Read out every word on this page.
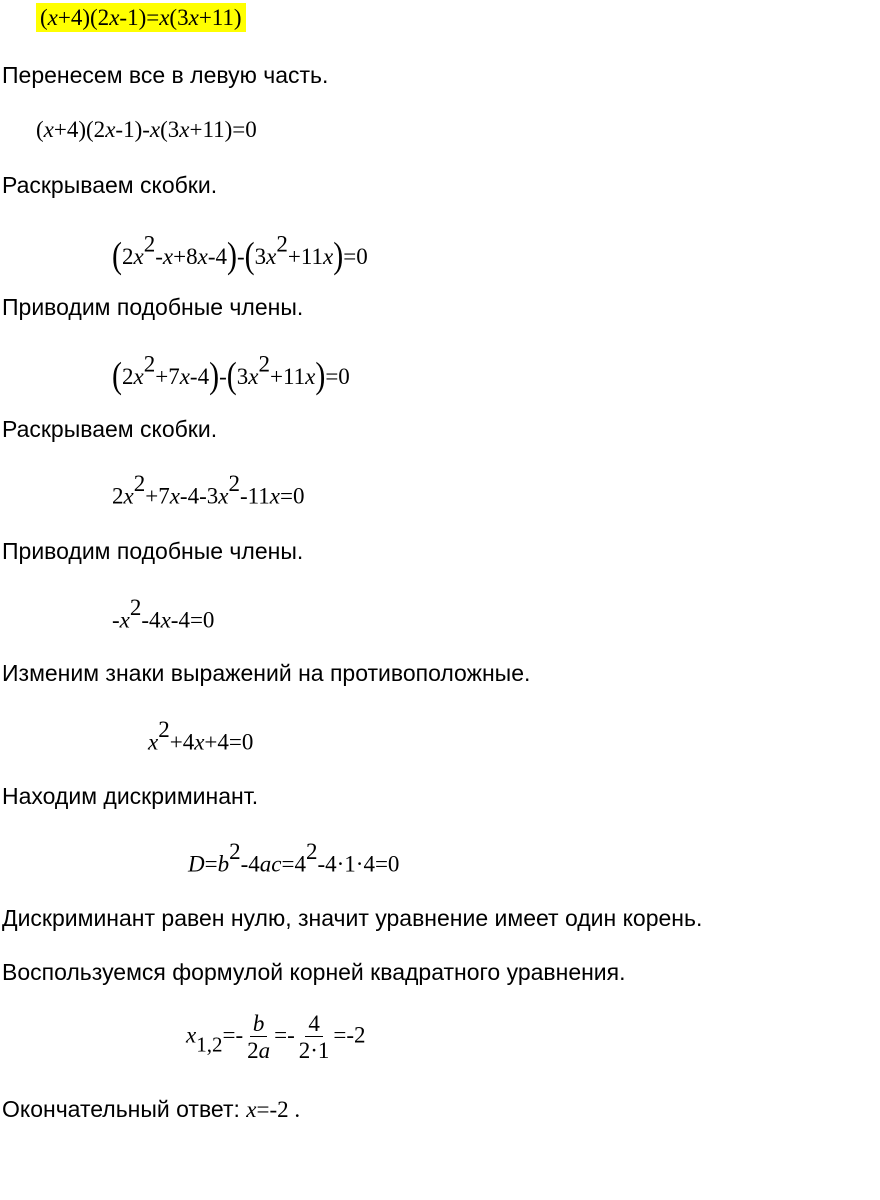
(x+4)(2x-1)=x(3x+11)
Перенесем все в левую часть.
(x+4)(2x-1)-x(3x+11)=0
Раскрываем скобки.
$(2x^2-x+8x-4)-(3x^2+11x)=0$
Приводим подобные члены.
$(2x^2+7x-4)-(3x^2+11x)=0$
Раскрываем скобки.
$2x^2+7x-4-3x^2-11x=0$
Приводим подобные члены.
$-x^2-4x-4=0$
Изменим знаки выражений на противоположные.
$x^2+4x+4=0$
Находим дискриминант.
$D=b^2-4ac=4^2-4\cdot 1\cdot 4=0$
Дискриминант равен нулю, значит уравнение имеет один корень.
Воспользуемся формулой корней квадратного уравнения.
$x_{1,2}=- \frac{b}{2a} =- \frac{4}{2\cdot 1} =-2$
Окончательный ответ: x=-2 .
